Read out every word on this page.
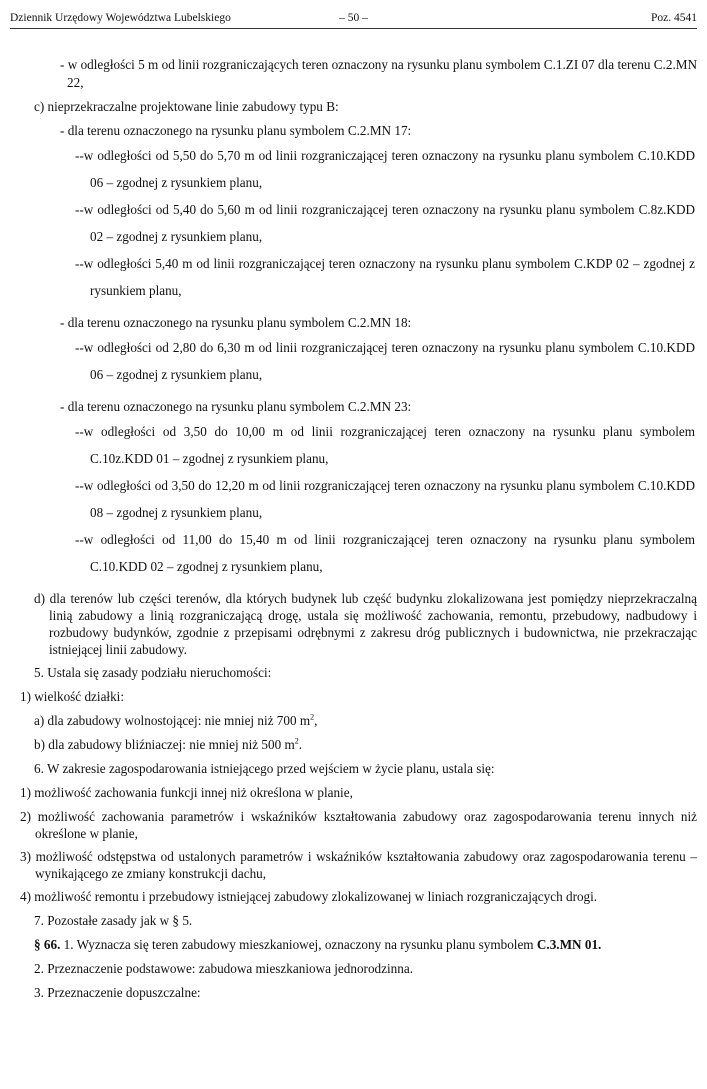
Dziennik Urzędowy Województwa Lubelskiego	– 50 –	Poz. 4541

- w odległości 5 m od linii rozgraniczających teren oznaczony na rysunku planu symbolem C.1.ZI 07 dla terenu C.2.MN 22,

c) nieprzekraczalne projektowane linie zabudowy typu B:

- dla terenu oznaczonego na rysunku planu symbolem C.2.MN 17:

--w odległości od 5,50 do 5,70 m od linii rozgraniczającej teren oznaczony na rysunku planu symbolem C.10.KDD 06 – zgodnej z rysunkiem planu,

--w odległości od 5,40 do 5,60 m od linii rozgraniczającej teren oznaczony na rysunku planu symbolem C.8z.KDD 02 – zgodnej z rysunkiem planu,

--w odległości 5,40 m od linii rozgraniczającej teren oznaczony na rysunku planu symbolem C.KDP 02 – zgodnej z rysunkiem planu,

- dla terenu oznaczonego na rysunku planu symbolem C.2.MN 18:

--w odległości od 2,80 do 6,30 m od linii rozgraniczającej teren oznaczony na rysunku planu symbolem C.10.KDD 06 – zgodnej z rysunkiem planu,

- dla terenu oznaczonego na rysunku planu symbolem C.2.MN 23:

--w odległości od 3,50 do 10,00 m od linii rozgraniczającej teren oznaczony na rysunku planu symbolem C.10z.KDD 01 – zgodnej z rysunkiem planu,

--w odległości od 3,50 do 12,20 m od linii rozgraniczającej teren oznaczony na rysunku planu symbolem C.10.KDD 08 – zgodnej z rysunkiem planu,

--w odległości od 11,00 do 15,40 m od linii rozgraniczającej teren oznaczony na rysunku planu symbolem C.10.KDD 02 – zgodnej z rysunkiem planu,

d) dla terenów lub części terenów, dla których budynek lub część budynku zlokalizowana jest pomiędzy nieprzekraczalną linią zabudowy a linią rozgraniczającą drogę, ustala się możliwość zachowania, remontu, przebudowy, nadbudowy i rozbudowy budynków, zgodnie z przepisami odrębnymi z zakresu dróg publicznych i budownictwa, nie przekraczając istniejącej linii zabudowy.

5. Ustala się zasady podziału nieruchomości:

1) wielkość działki:

a) dla zabudowy wolnostojącej: nie mniej niż 700 $m^2$,

b) dla zabudowy bliźniaczej: nie mniej niż 500 $m^2$.

6. W zakresie zagospodarowania istniejącego przed wejściem w życie planu, ustala się:

1) możliwość zachowania funkcji innej niż określona w planie,

2) możliwość zachowania parametrów i wskaźników kształtowania zabudowy oraz zagospodarowania terenu innych niż określone w planie,

3) możliwość odstępstwa od ustalonych parametrów i wskaźników kształtowania zabudowy oraz zagospodarowania terenu – wynikającego ze zmiany konstrukcji dachu,

4) możliwość remontu i przebudowy istniejącej zabudowy zlokalizowanej w liniach rozgraniczających drogi.

7. Pozostałe zasady jak w § 5.

§ 66. 1. Wyznacza się teren zabudowy mieszkaniowej, oznaczony na rysunku planu symbolem C.3.MN 01.

2. Przeznaczenie podstawowe: zabudowa mieszkaniowa jednorodzinna.

3. Przeznaczenie dopuszczalne:
